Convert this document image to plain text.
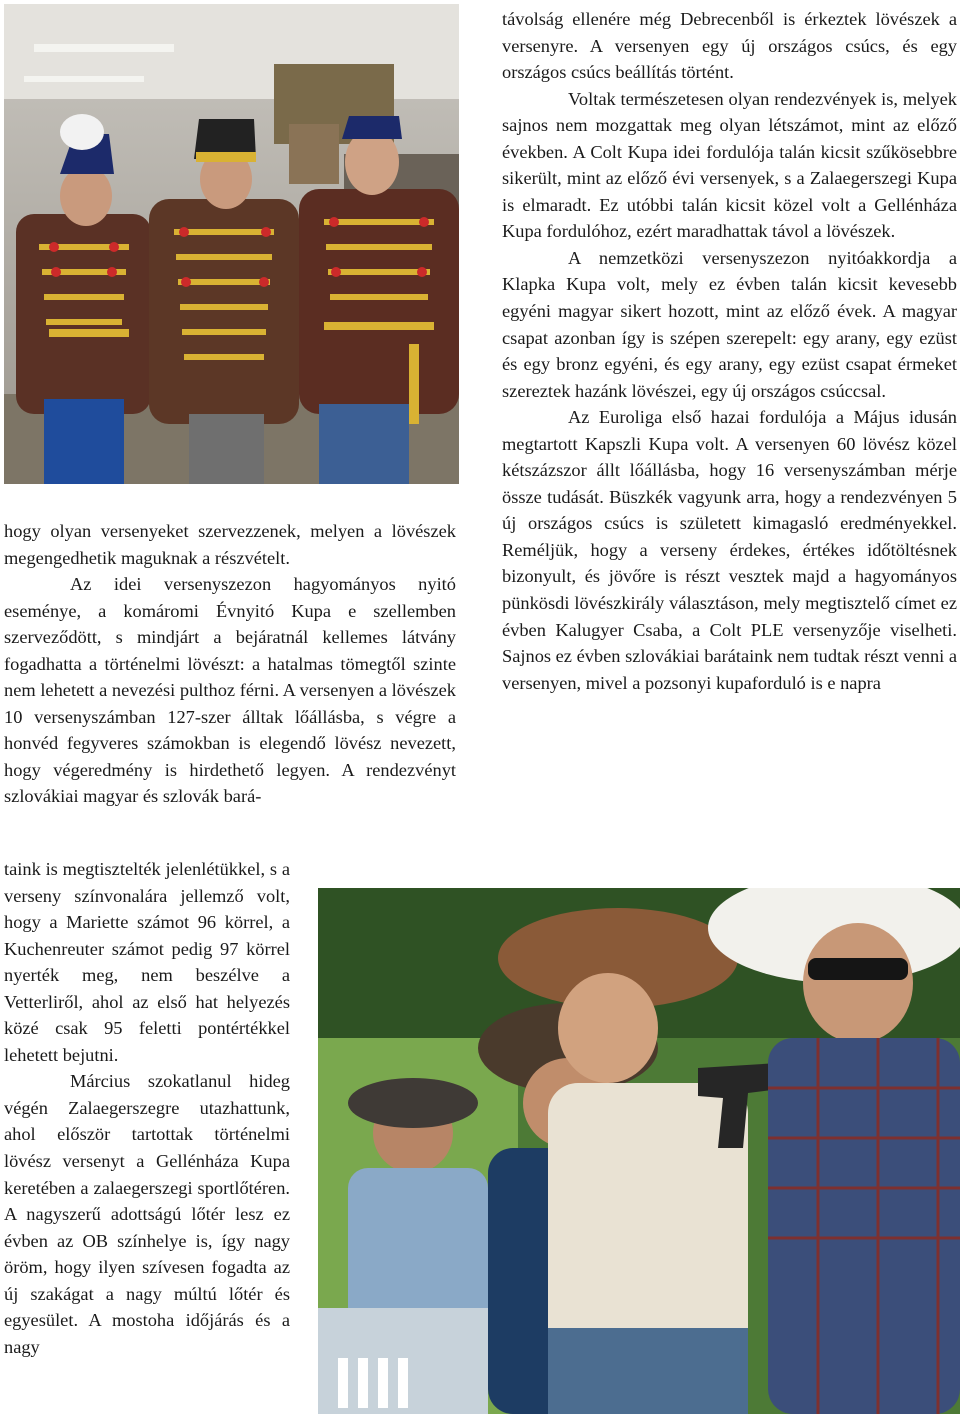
hogy olyan versenyeket szervezzenek, melyen a lövészek megengedhetik maguknak a részvételt.

Az idei versenyszezon hagyományos nyitó eseménye, a komáromi Évnyitó Kupa e szellemben szerveződött, s mindjárt a bejáratnál kellemes látvány fogadhatta a történelmi lövészt: a hatalmas tömegtől szinte nem lehetett a nevezési pulthoz férni. A versenyen a lövészek 10 versenyszámban 127-szer álltak lőállásba, s végre a honvéd fegyveres számokban is elegendő lövész nevezett, hogy végeredmény is hirdethető legyen. A rendezvényt szlovákiai magyar és szlovák bará-

taink is megtisztelték jelenlétükkel, s a verseny színvonalára jellemző volt, hogy a Mariette számot 96 körrel, a Kuchenreuter számot pedig 97 körrel nyerték meg, nem beszélve a Vetterliről, ahol az első hat helyezés közé csak 95 feletti pontértékkel lehetett bejutni.

Március szokatlanul hideg végén Zalaegerszegre utazhattunk, ahol először tartottak történelmi lövész versenyt a Gellénháza Kupa keretében a zalaegerszegi sportlőtéren. A nagyszerű adottságú lőtér lesz ez évben az OB színhelye is, így nagy öröm, hogy ilyen szívesen fogadta az új szakágat a nagy múltú lőtér és egyesület. A mostoha időjárás és a nagy

távolság ellenére még Debrecenből is érkeztek lövészek a versenyre. A versenyen egy új országos csúcs, és egy országos csúcs beállítás történt.

Voltak természetesen olyan rendezvények is, melyek sajnos nem mozgattak meg olyan létszámot, mint az előző években. A Colt Kupa idei fordulója talán kicsit szűkösebbre sikerült, mint az előző évi versenyek, s a Zalaegerszegi Kupa is elmaradt. Ez utóbbi talán kicsit közel volt a Gellénháza Kupa fordulóhoz, ezért maradhattak távol a lövészek.

A nemzetközi versenyszezon nyitóakkordja a Klapka Kupa volt, mely ez évben talán kicsit kevesebb egyéni magyar sikert hozott, mint az előző évek. A magyar csapat azonban így is szépen szerepelt: egy arany, egy ezüst és egy bronz egyéni, és egy arany, egy ezüst csapat érmeket szereztek hazánk lövészei, egy új országos csúccsal.

Az Euroliga első hazai fordulója a Május idusán megtartott Kapszli Kupa volt. A versenyen 60 lövész közel kétszázszor állt lőállásba, hogy 16 versenyszámban mérje össze tudását. Büszkék vagyunk arra, hogy a rendezvényen 5 új országos csúcs is született kimagasló eredményekkel. Reméljük, hogy a verseny érdekes, értékes időtöltésnek bizonyult, és jövőre is részt vesztek majd a hagyományos pünkösdi lövészkirály választáson, mely megtisztelő címet ez évben Kalugyer Csaba, a Colt PLE versenyzője viselheti. Sajnos ez évben szlovákiai barátaink nem tudtak részt venni a versenyen, mivel a pozsonyi kupaforduló is e napra
